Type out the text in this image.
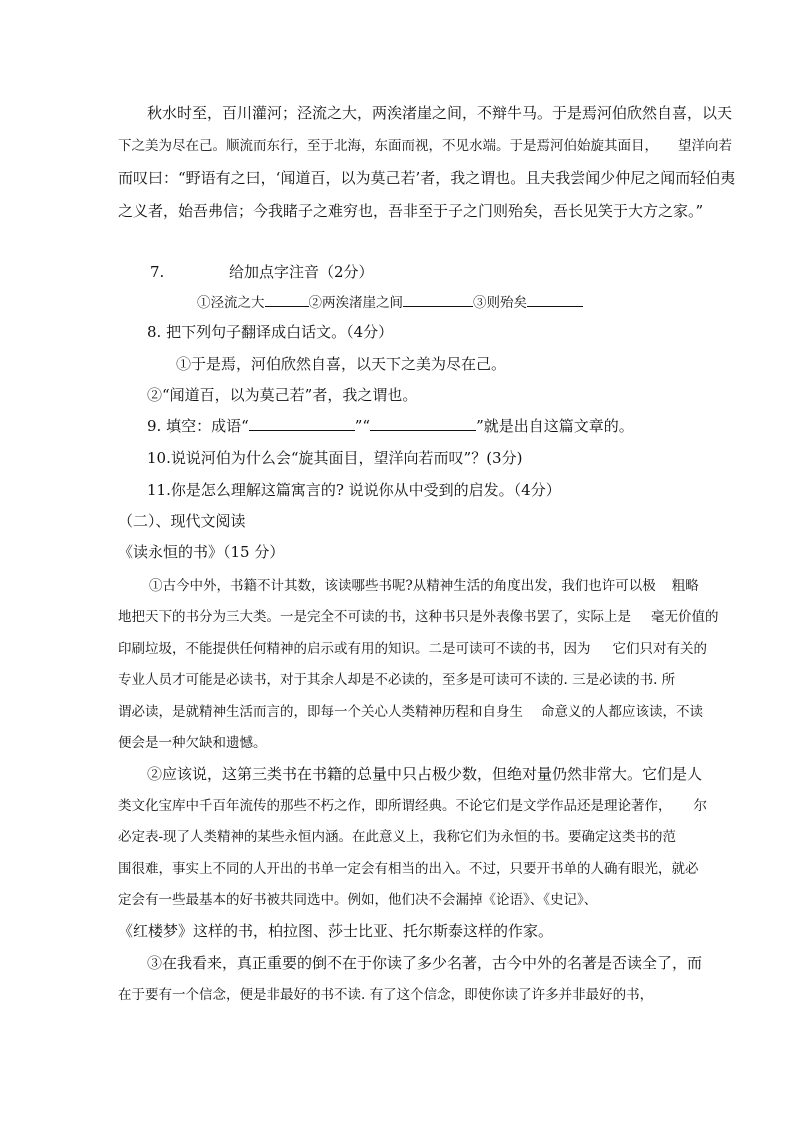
秋水时至，百川灌河；泾流之大，两涘渚崖之间，不辩牛马。于是焉河伯欣然自喜，以天
下之美为尽在己。顺流而东行，至于北海，东面而视，不见水端。于是焉河伯始旋其面目， 望洋向若
而叹曰：“野语有之曰，‘闻道百，以为莫己若’者，我之谓也。且夫我尝闻少仲尼之闻而轻伯夷
之义者，始吾弗信；今我睹子之难穷也，吾非至于子之门则殆矣，吾长见笑于大方之家。”
7.	给加点字注音（2分）
①泾流之大	②两涘渚崖之间	③则殆矣
8. 把下列句子翻译成白话文。（4分）
①于是焉，河伯欣然自喜，以天下之美为尽在己。
②“闻道百，以为莫己若”者，我之谓也。
9. 填空：成语“	”“	”就是出自这篇文章的。
10.说说河伯为什么会“旋其面目，望洋向若而叹”？(3分)
11.你是怎么理解这篇寓言的? 说说你从中受到的启发。（4分）
（二）、现代文阅读
《读永恒的书》（15 分）
①古今中外，书籍不计其数，该读哪些书呢?从精神生活的角度出发，我们也许可以极 粗略
地把天下的书分为三大类。一是完全不可读的书，这种书只是外表像书罢了，实际上是 毫无价值的
印刷垃圾，不能提供任何精神的启示或有用的知识。二是可读可不读的书，因为 它们只对有关的
专业人员才可能是必读书，对于其余人却是不必读的，至多是可读可不读的. 三是必读的书. 所
谓必读，是就精神生活而言的，即每一个关心人类精神历程和自身生 命意义的人都应该读，不读
便会是一种欠缺和遗憾。
②应该说，这第三类书在书籍的总量中只占极少数，但绝对量仍然非常大。它们是人
类文化宝库中千百年流传的那些不朽之作，即所谓经典。不论它们是文学作品还是理论著作， 尔
必定表-现了人类精神的某些永恒内涵。在此意义上，我称它们为永恒的书。要确定这类书的范
围很难，事实上不同的人开出的书单一定会有相当的出入。不过，只要开书单的人确有眼光，就必
定会有一些最基本的好书被共同选中。例如，他们决不会漏掉《论语》、《史记》、
《红楼梦》这样的书，柏拉图、莎士比亚、托尔斯泰这样的作家。
③在我看来，真正重要的倒不在于你读了多少名著，古今中外的名著是否读全了，而
在于要有一个信念，便是非最好的书不读. 有了这个信念，即使你读了许多并非最好的书，
